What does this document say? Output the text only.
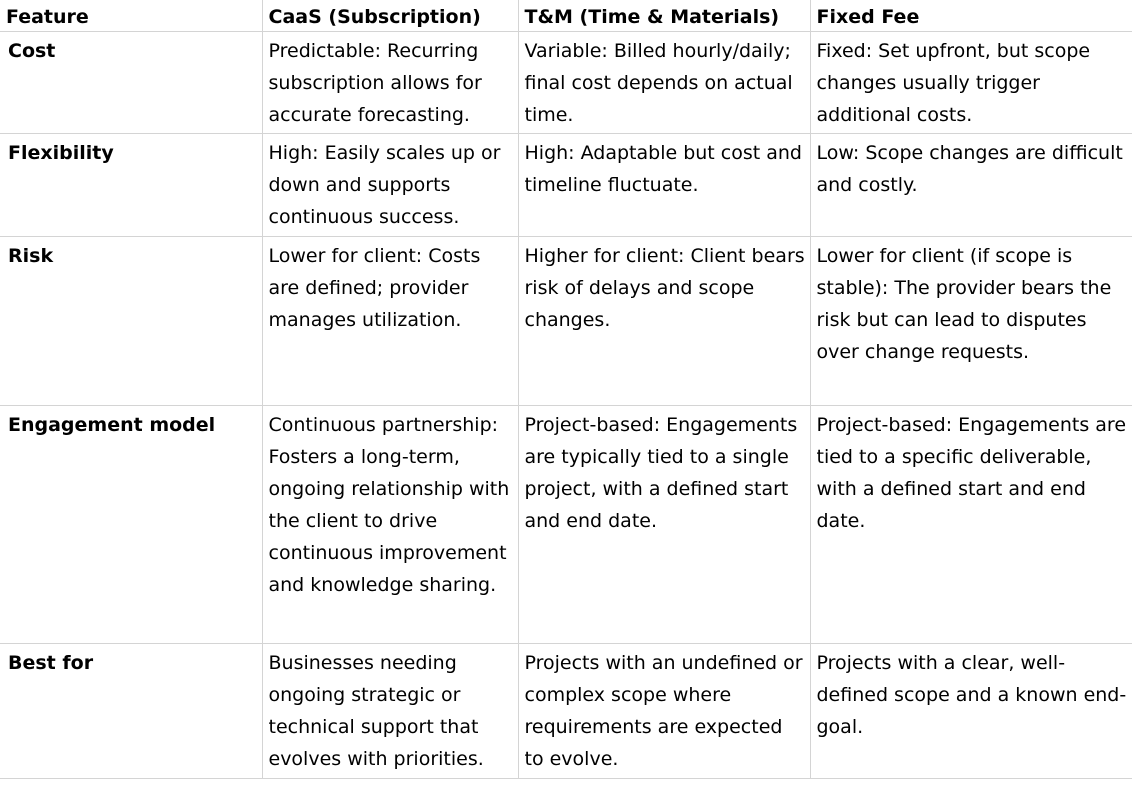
Feature	CaaS (Subscription)	T&M (Time & Materials)	Fixed Fee
Cost	Predictable: Recurring subscription allows for accurate forecasting.	Variable: Billed hourly/daily; final cost depends on actual time.	Fixed: Set upfront, but scope changes usually trigger additional costs.
Flexibility	High: Easily scales up or down and supports continuous success.	High: Adaptable but cost and timeline fluctuate.	Low: Scope changes are difficult and costly.
Risk	Lower for client: Costs are defined; provider manages utilization.	Higher for client: Client bears risk of delays and scope changes.	Lower for client (if scope is stable): The provider bears the risk but can lead to disputes over change requests.
Engagement model	Continuous partnership: Fosters a long-term, ongoing relationship with the client to drive continuous improvement and knowledge sharing.	Project-based: Engagements are typically tied to a single project, with a defined start and end date.	Project-based: Engagements are tied to a specific deliverable, with a defined start and end date.
Best for	Businesses needing ongoing strategic or technical support that evolves with priorities.	Projects with an undefined or complex scope where requirements are expected to evolve.	Projects with a clear, well-defined scope and a known end-goal.
